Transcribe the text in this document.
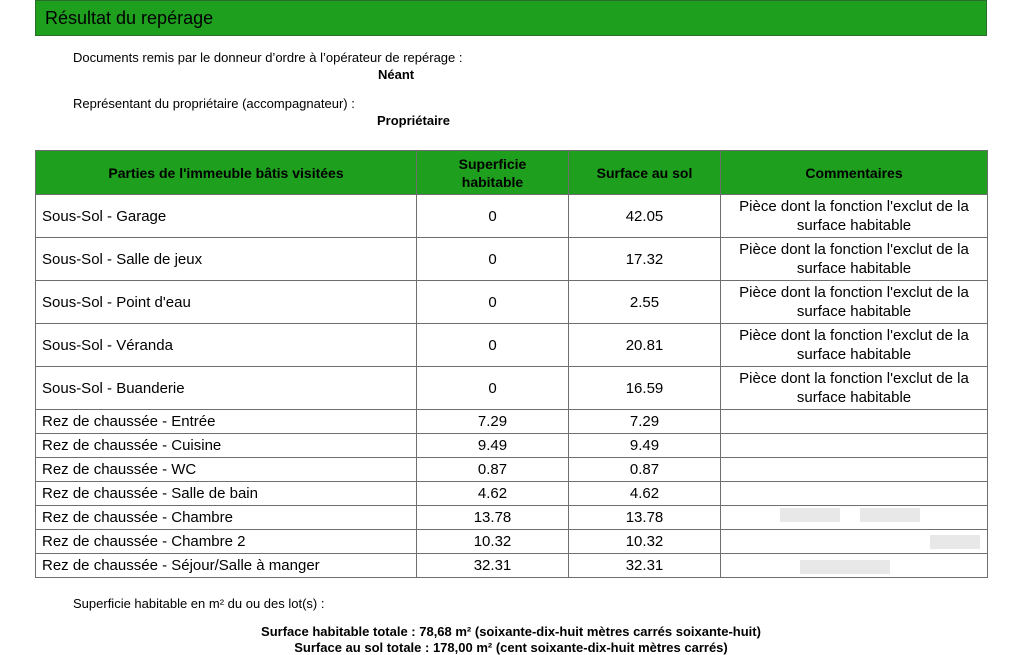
Résultat du repérage
Documents remis par le donneur d’ordre à l’opérateur de repérage :
Néant
Représentant du propriétaire (accompagnateur) :
Propriétaire
Parties de l'immeuble bâtis visitées	Superficie habitable	Surface au sol	Commentaires
Sous-Sol - Garage	0	42.05	Pièce dont la fonction l'exclut de la surface habitable
Sous-Sol - Salle de jeux	0	17.32	Pièce dont la fonction l'exclut de la surface habitable
Sous-Sol - Point d'eau	0	2.55	Pièce dont la fonction l'exclut de la surface habitable
Sous-Sol - Véranda	0	20.81	Pièce dont la fonction l'exclut de la surface habitable
Sous-Sol - Buanderie	0	16.59	Pièce dont la fonction l'exclut de la surface habitable
Rez de chaussée - Entrée	7.29	7.29	
Rez de chaussée - Cuisine	9.49	9.49	
Rez de chaussée - WC	0.87	0.87	
Rez de chaussée - Salle de bain	4.62	4.62	
Rez de chaussée - Chambre	13.78	13.78	
Rez de chaussée - Chambre 2	10.32	10.32	
Rez de chaussée - Séjour/Salle à manger	32.31	32.31	
Superficie habitable en m² du ou des lot(s) :
Surface habitable totale : 78,68 m² (soixante-dix-huit mètres carrés soixante-huit)
Surface au sol totale : 178,00 m² (cent soixante-dix-huit mètres carrés)
